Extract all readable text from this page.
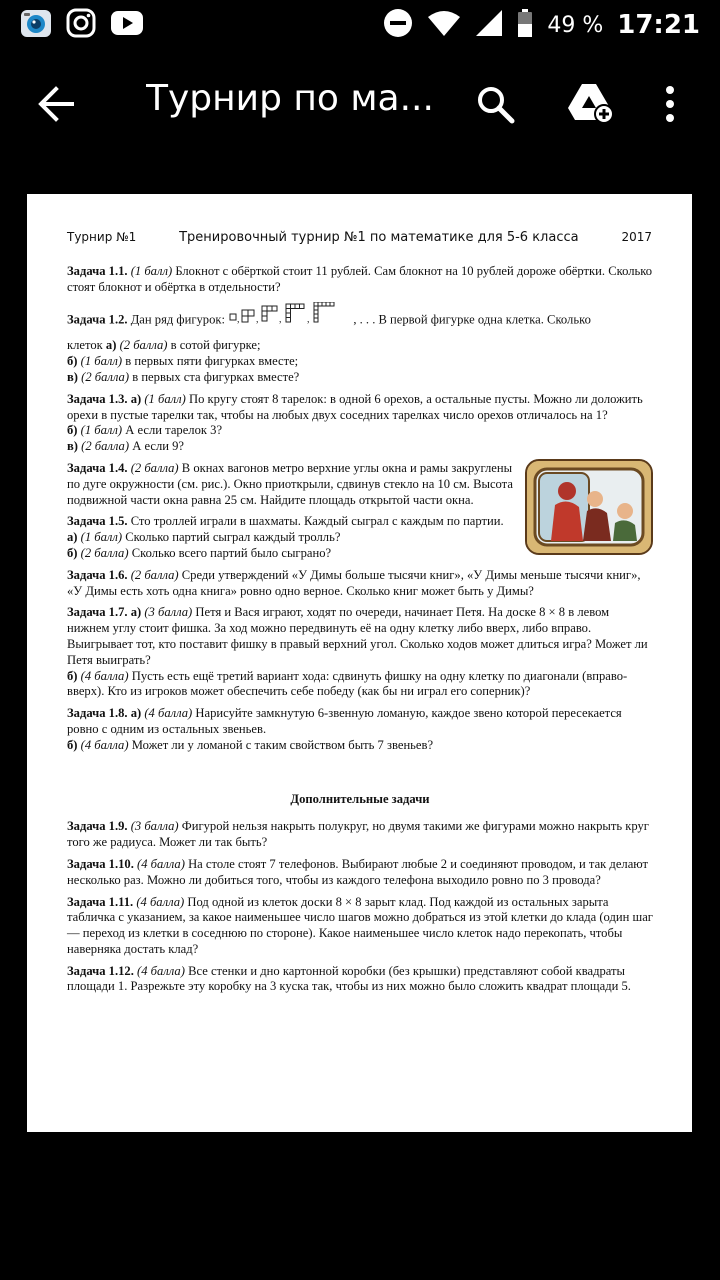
49 % 17:21
Турнир по ма...
Турнир №1	Тренировочный турнир №1 по математике для 5-6 класса	2017

Задача 1.1. (1 балл) Блокнот с обёрткой стоит 11 рублей. Сам блокнот на 10 рублей дороже обёртки. Сколько стоят блокнот и обёртка в отдельности?

Задача 1.2. Дан ряд фигурок: , , ,	,	, . . . В первой фигурке одна клетка. Сколько
клеток а) (2 балла) в сотой фигурке;
б) (1 балл) в первых пяти фигурках вместе;
в) (2 балла) в первых ста фигурках вместе?

Задача 1.3. а) (1 балл) По кругу стоят 8 тарелок: в одной 6 орехов, а остальные пусты. Можно ли доложить орехи в пустые тарелки так, чтобы на любых двух соседних тарелках число орехов отличалось на 1?
б) (1 балл) А если тарелок 3?
в) (2 балла) А если 9?

Задача 1.4. (2 балла) В окнах вагонов метро верхние углы окна и рамы закруглены по дуге окружности (см. рис.). Окно приоткрыли, сдвинув стекло на 10 см. Высота подвижной части окна равна 25 см. Найдите площадь открытой части окна.

Задача 1.5. Сто троллей играли в шахматы. Каждый сыграл с каждым по партии.
а) (1 балл) Сколько партий сыграл каждый тролль?
б) (2 балла) Сколько всего партий было сыграно?

Задача 1.6. (2 балла) Среди утверждений «У Димы больше тысячи книг», «У Димы меньше тысячи книг», «У Димы есть хоть одна книга» ровно одно верное. Сколько книг может быть у Димы?

Задача 1.7. а) (3 балла) Петя и Вася играют, ходят по очереди, начинает Петя. На доске 8 × 8 в левом нижнем углу стоит фишка. За ход можно передвинуть её на одну клетку либо вверх, либо вправо. Выигрывает тот, кто поставит фишку в правый верхний угол. Сколько ходов может длиться игра? Может ли Петя выиграть?
б) (4 балла) Пусть есть ещё третий вариант хода: сдвинуть фишку на одну клетку по диагонали (вправо-вверх). Кто из игроков может обеспечить себе победу (как бы ни играл его соперник)?

Задача 1.8. а) (4 балла) Нарисуйте замкнутую 6-звенную ломаную, каждое звено которой пересекается ровно с одним из остальных звеньев.
б) (4 балла) Может ли у ломаной с таким свойством быть 7 звеньев?

Дополнительные задачи

Задача 1.9. (3 балла) Фигурой нельзя накрыть полукруг, но двумя такими же фигурами можно накрыть круг того же радиуса. Может ли так быть?

Задача 1.10. (4 балла) На столе стоят 7 телефонов. Выбирают любые 2 и соединяют проводом, и так делают несколько раз. Можно ли добиться того, чтобы из каждого телефона выходило ровно по 3 провода?

Задача 1.11. (4 балла) Под одной из клеток доски 8 × 8 зарыт клад. Под каждой из остальных зарыта табличка с указанием, за какое наименьшее число шагов можно добраться из этой клетки до клада (один шаг — переход из клетки в соседнюю по стороне). Какое наименьшее число клеток надо перекопать, чтобы наверняка достать клад?

Задача 1.12. (4 балла) Все стенки и дно картонной коробки (без крышки) представляют собой квадраты площади 1. Разрежьте эту коробку на 3 куска так, чтобы из них можно было сложить квадрат площади 5.
